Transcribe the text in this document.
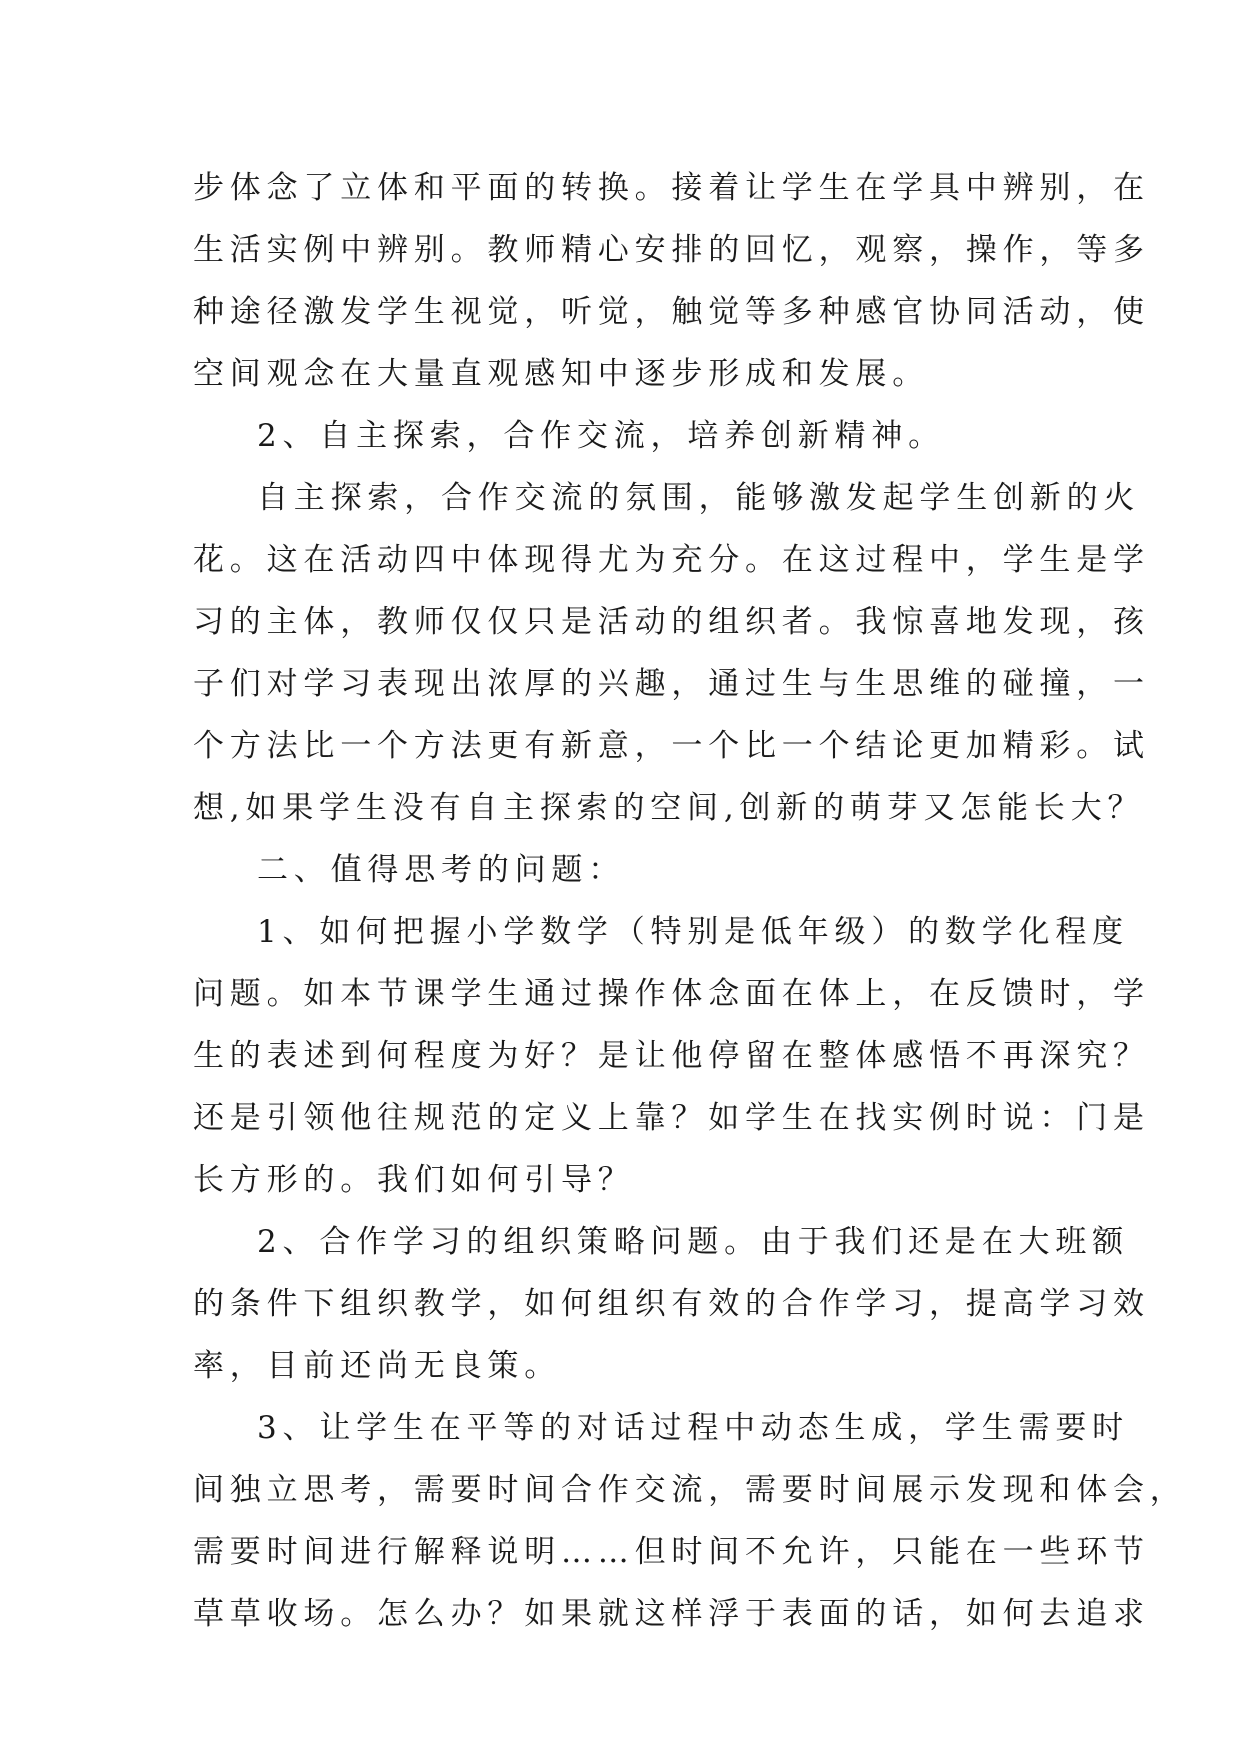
步体念了立体和平面的转换。接着让学生在学具中辨别，在
生活实例中辨别。教师精心安排的回忆，观察，操作，等多
种途径激发学生视觉，听觉，触觉等多种感官协同活动，使
空间观念在大量直观感知中逐步形成和发展。
2、自主探索，合作交流，培养创新精神。
自主探索，合作交流的氛围，能够激发起学生创新的火
花。这在活动四中体现得尤为充分。在这过程中，学生是学
习的主体，教师仅仅只是活动的组织者。我惊喜地发现，孩
子们对学习表现出浓厚的兴趣，通过生与生思维的碰撞，一
个方法比一个方法更有新意，一个比一个结论更加精彩。试
想,如果学生没有自主探索的空间,创新的萌芽又怎能长大？
二、值得思考的问题：
1、如何把握小学数学（特别是低年级）的数学化程度
问题。如本节课学生通过操作体念面在体上，在反馈时，学
生的表述到何程度为好？是让他停留在整体感悟不再深究？
还是引领他往规范的定义上靠？如学生在找实例时说：门是
长方形的。我们如何引导？
2、合作学习的组织策略问题。由于我们还是在大班额
的条件下组织教学，如何组织有效的合作学习，提高学习效
率，目前还尚无良策。
3、让学生在平等的对话过程中动态生成，学生需要时
间独立思考，需要时间合作交流，需要时间展示发现和体会，
需要时间进行解释说明……但时间不允许，只能在一些环节
草草收场。怎么办？如果就这样浮于表面的话，如何去追求
